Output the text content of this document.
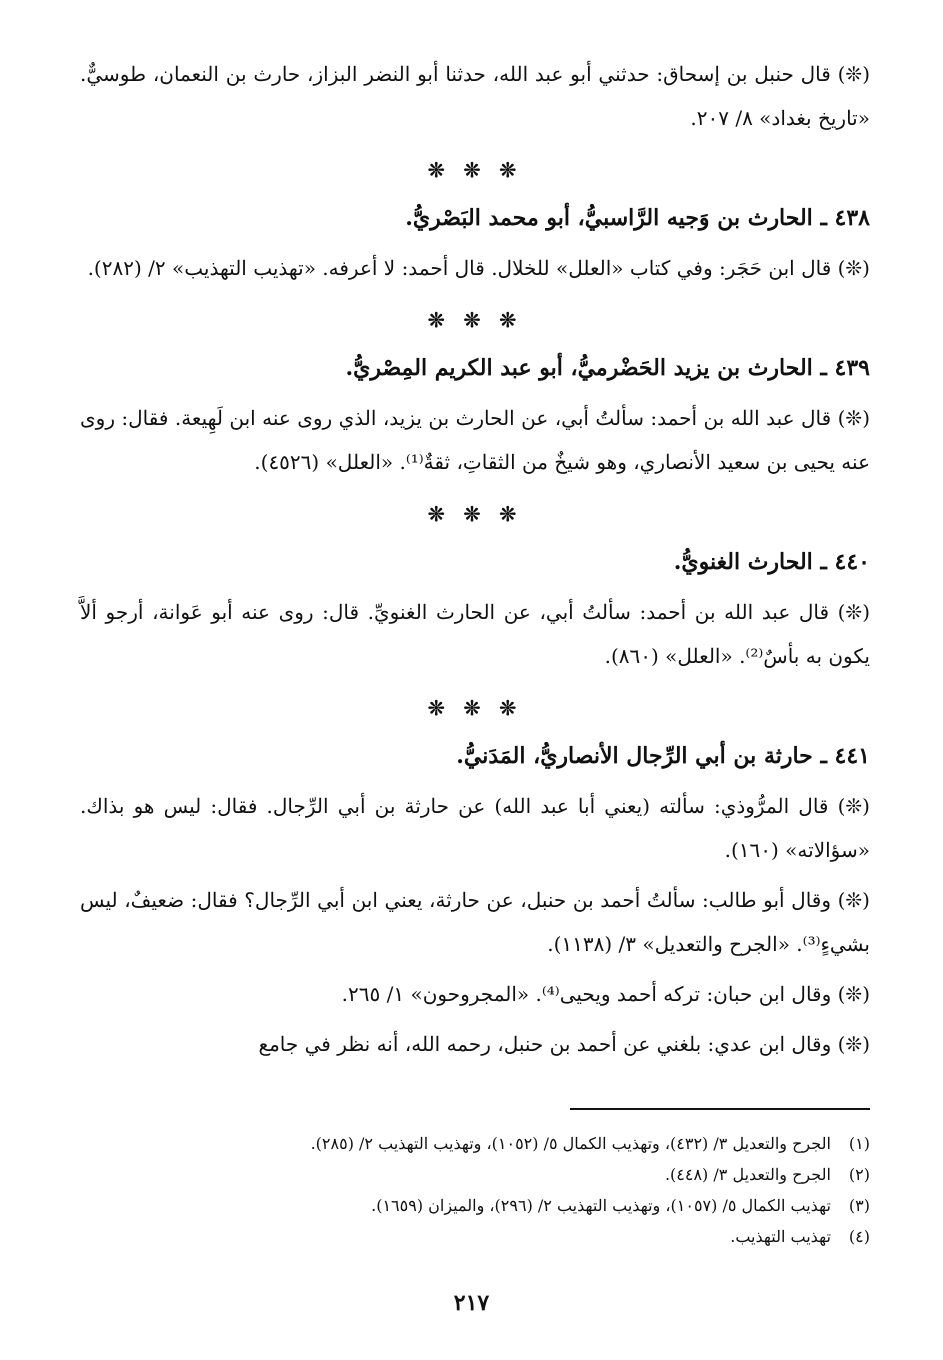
(❊) قال حنبل بن إسحاق: حدثني أبو عبد الله، حدثنا أبو النضر البزاز، حارث بن النعمان، طوسيٌّ. «تاريخ بغداد» ٨/ ٢٠٧.

❊ ❊ ❊
٤٣٨ ـ الحارث بن وَجيه الرَّاسبيُّ، أبو محمد البَصْريُّ.

(❊) قال ابن حَجَر: وفي كتاب «العلل» للخلال. قال أحمد: لا أعرفه. «تهذيب التهذيب» ٢/ (٢٨٢).

❊ ❊ ❊
٤٣٩ ـ الحارث بن يزيد الحَضْرميُّ، أبو عبد الكريم المِصْريُّ.

(❊) قال عبد الله بن أحمد: سألتُ أبي، عن الحارث بن يزيد، الذي روى عنه ابن لَهِيعة. فقال: روى عنه يحيى بن سعيد الأنصاري، وهو شيخٌ من الثقاتِ، ثقةٌ⁽¹⁾. «العلل» (٤٥٢٦).

❊ ❊ ❊
٤٤٠ ـ الحارث الغنويُّ.

(❊) قال عبد الله بن أحمد: سألتُ أبي، عن الحارث الغنويِّ. قال: روى عنه أبو عَوانة، أرجو ألاَّ يكون به بأسٌ⁽²⁾. «العلل» (٨٦٠).

❊ ❊ ❊
٤٤١ ـ حارثة بن أبي الرِّجال الأنصاريُّ، المَدَنيُّ.

(❊) قال المرُّوذي: سألته (يعني أبا عبد الله) عن حارثة بن أبي الرِّجال. فقال: ليس هو بذاك. «سؤالاته» (١٦٠).

(❊) وقال أبو طالب: سألتُ أحمد بن حنبل، عن حارثة، يعني ابن أبي الرِّجال؟ فقال: ضعيفٌ، ليس بشيءٍ⁽³⁾. «الجرح والتعديل» ٣/ (١١٣٨).

(❊) وقال ابن حبان: تركه أحمد ويحيى⁽⁴⁾. «المجروحون» ١/ ٢٦٥.

(❊) وقال ابن عدي: بلغني عن أحمد بن حنبل، رحمه الله، أنه نظر في جامع

(١) الجرح والتعديل ٣/ (٤٣٢)، وتهذيب الكمال ٥/ (١٠٥٢)، وتهذيب التهذيب ٢/ (٢٨٥).

(٢) الجرح والتعديل ٣/ (٤٤٨).

(٣) تهذيب الكمال ٥/ (١٠٥٧)، وتهذيب التهذيب ٢/ (٢٩٦)، والميزان (١٦٥٩).

(٤) تهذيب التهذيب.

٢١٧
